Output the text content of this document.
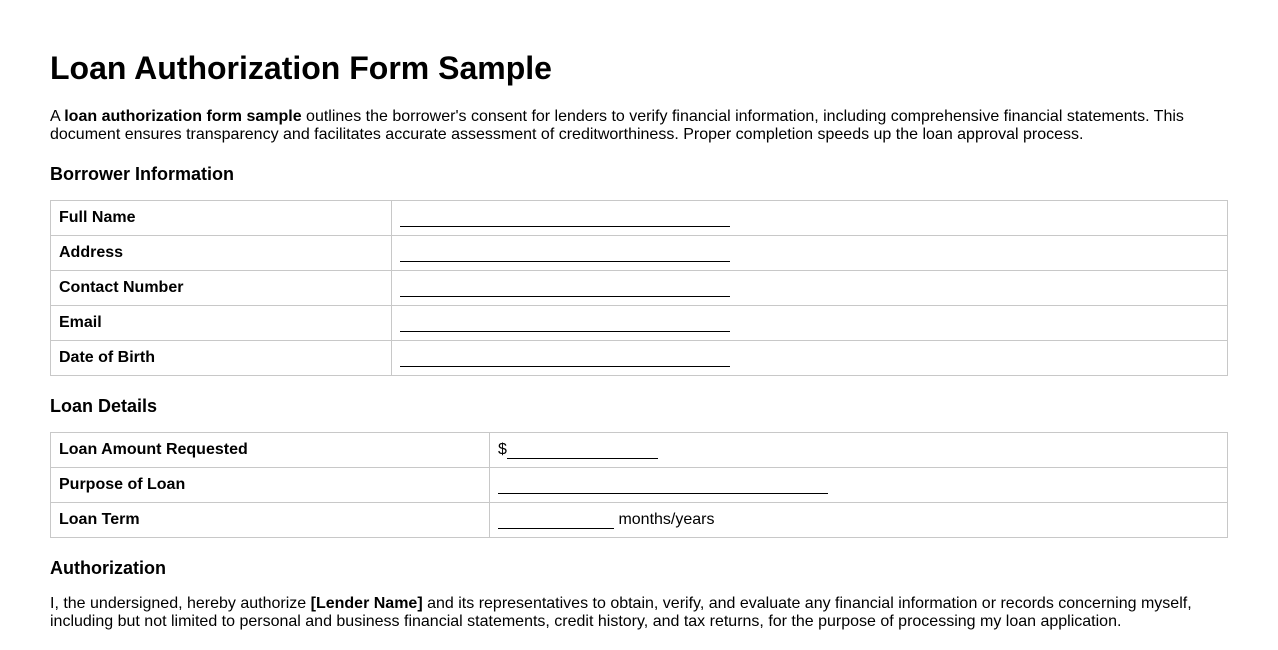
Loan Authorization Form Sample

A loan authorization form sample outlines the borrower's consent for lenders to verify financial information, including comprehensive financial statements. This document ensures transparency and facilitates accurate assessment of creditworthiness. Proper completion speeds up the loan approval process.

Borrower Information
Full Name	
Address	
Contact Number	
Email	
Date of Birth	
Loan Details
Loan Amount Requested	$
Purpose of Loan	
Loan Term	months/years
Authorization

I, the undersigned, hereby authorize [Lender Name] and its representatives to obtain, verify, and evaluate any financial information or records concerning myself, including but not limited to personal and business financial statements, credit history, and tax returns, for the purpose of processing my loan application.
